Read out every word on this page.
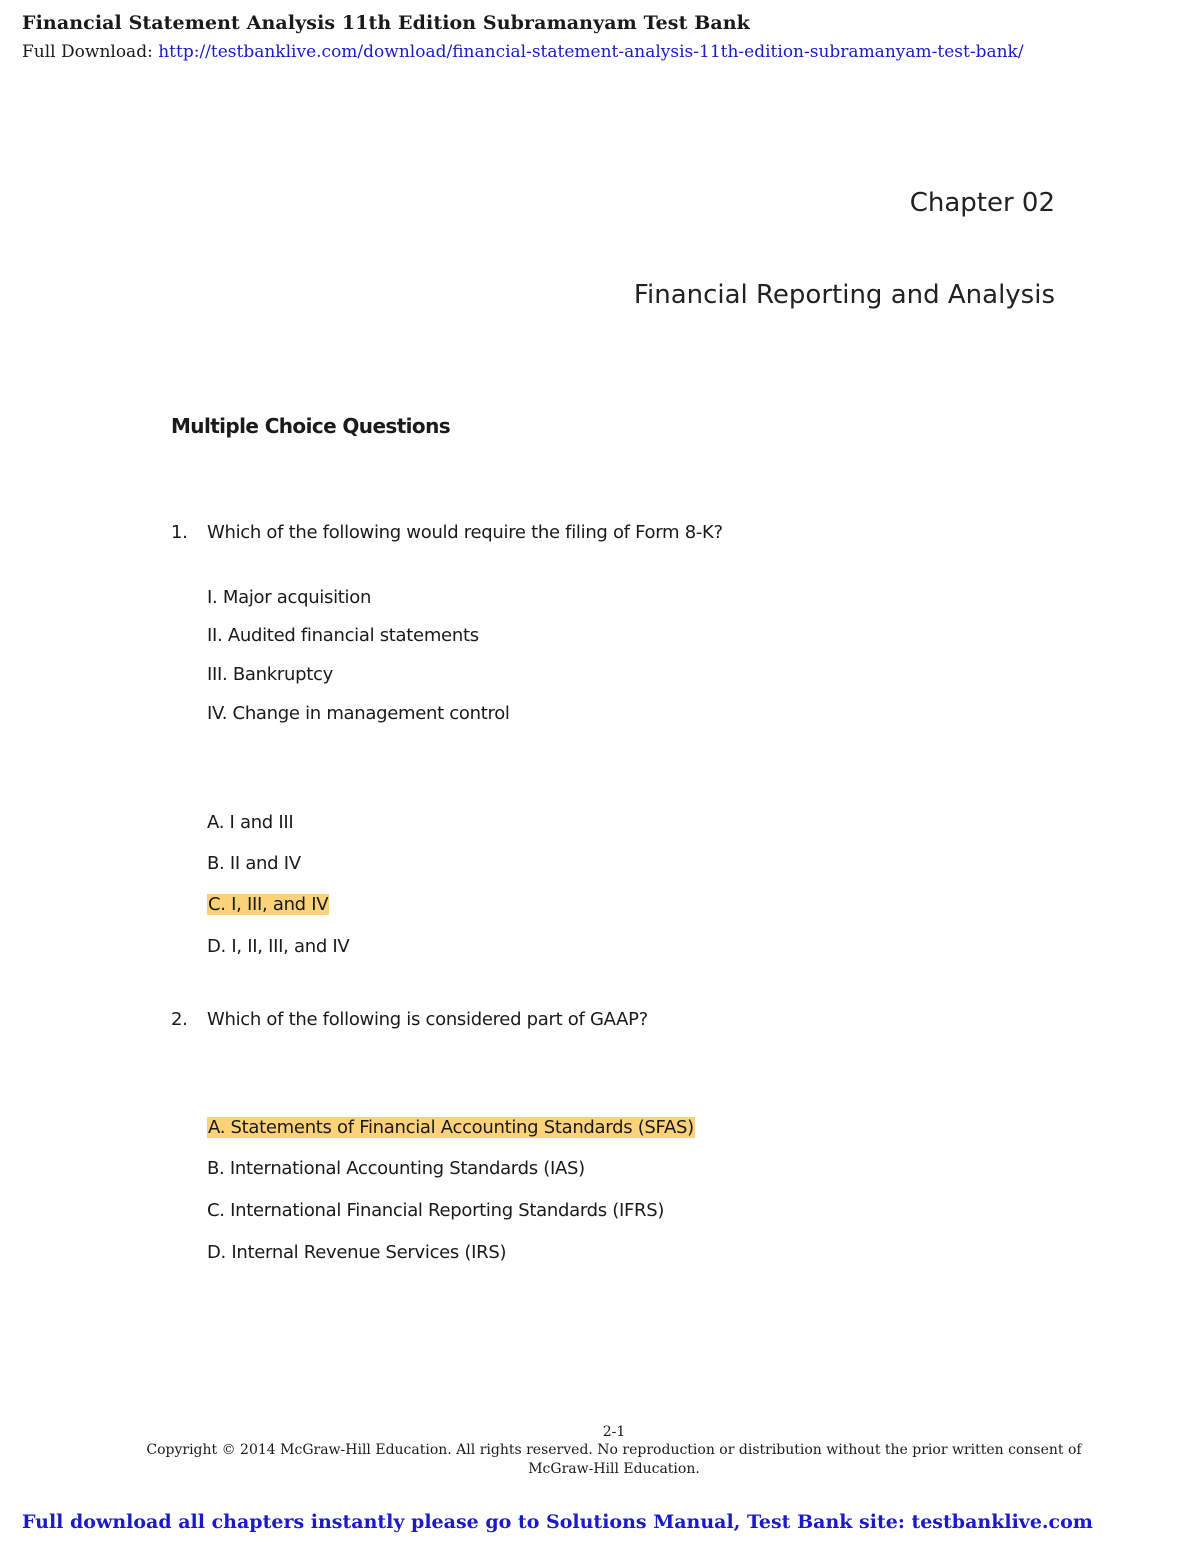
Financial Statement Analysis 11th Edition Subramanyam Test Bank
Full Download: http://testbanklive.com/download/financial-statement-analysis-11th-edition-subramanyam-test-bank/
Chapter 02
Financial Reporting and Analysis
Multiple Choice Questions
1. Which of the following would require the filing of Form 8-K?
I. Major acquisition
II. Audited financial statements
III. Bankruptcy
IV. Change in management control
A. I and III
B. II and IV
C. I, III, and IV
D. I, II, III, and IV
2. Which of the following is considered part of GAAP?
A. Statements of Financial Accounting Standards (SFAS)
B. International Accounting Standards (IAS)
C. International Financial Reporting Standards (IFRS)
D. Internal Revenue Services (IRS)
2-1
Copyright © 2014 McGraw-Hill Education. All rights reserved. No reproduction or distribution without the prior written consent of
McGraw-Hill Education.
Full download all chapters instantly please go to Solutions Manual, Test Bank site: testbanklive.com
